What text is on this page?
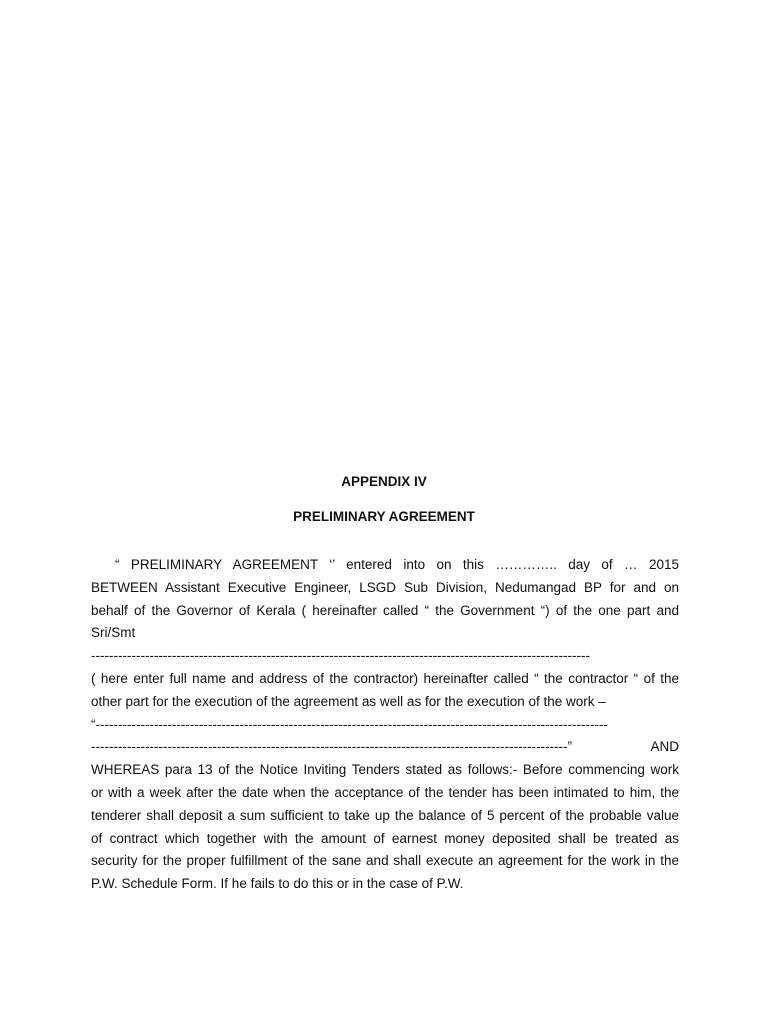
APPENDIX IV

PRELIMINARY AGREEMENT

“ PRELIMINARY AGREEMENT ‘’ entered into on this ………….. day of … 2015
BETWEEN Assistant Executive Engineer, LSGD Sub Division, Nedumangad BP for and on
behalf of the Governor of Kerala ( hereinafter called “ the Government “) of the one part and
Sri/Smt
---------------------------------------------------------------------------------------------------------------
( here enter full name and address of the contractor) hereinafter called “ the contractor “ of the
other part for the execution of the agreement as well as for the execution of the work –
“------------------------------------------------------------------------------------------------------------------
----------------------------------------------------------------------------------------------------------” AND
WHEREAS para 13 of the Notice Inviting Tenders stated as follows:- Before commencing work
or with a week after the date when the acceptance of the tender has been intimated to him, the
tenderer shall deposit a sum sufficient to take up the balance of 5 percent of the probable value
of contract which together with the amount of earnest money deposited shall be treated as
security for the proper fulfillment of the sane and shall execute an agreement for the work in the
P.W. Schedule Form. If he fails to do this or in the case of P.W.
